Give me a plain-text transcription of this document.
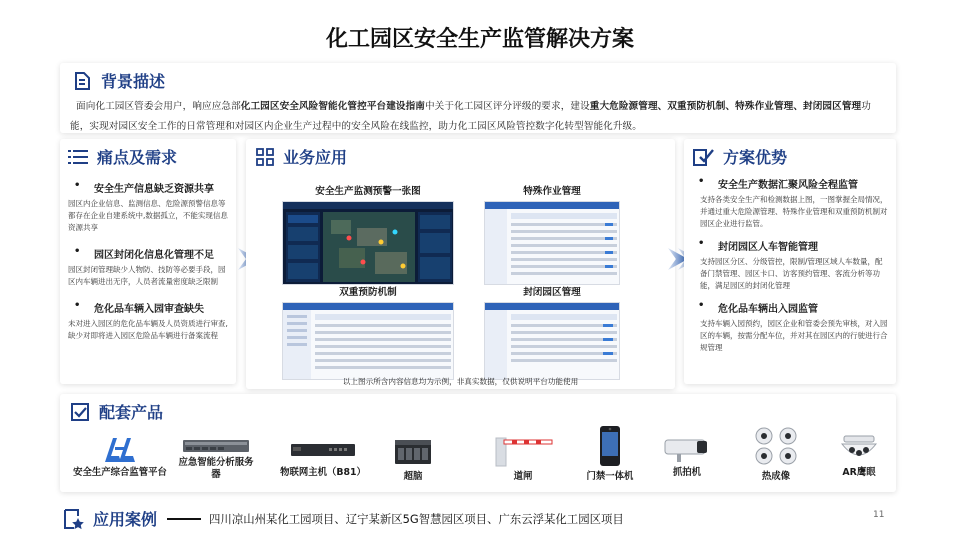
化工园区安全生产监管解决方案
背景描述

面向化工园区管委会用户，响应应急部化工园区安全风险智能化管控平台建设指南中关于化工园区评分评级的要求，建设重大危险源管理、双重预防机制、特殊作业管理、封闭园区管理功能，实现对园区安全工作的日常管理和对园区内企业生产过程中的安全风险在线监控，助力化工园区风险管控数字化转型智能化升级。

痛点及需求
•	安全生产信息缺乏资源共享

园区内企业信息、监测信息、危险源预警信息等都存在企业自建系统中,数据孤立，不能实现信息资源共享

•	园区封闭化信息化管理不足

园区封闭管理缺少人物防、技防等必要手段，园区内车辆进出无序，人员者流量密度缺乏限制

•	危化品车辆入园审查缺失

未对进入园区的危化品车辆及人员资质进行审查,缺少对即将进入园区危险品车辆进行备案流程

业务应用
安全生产监测预警一张图	特殊作业管理
双重预防机制	封闭园区管理
以上图示所含内容信息均为示例，非真实数据，仅供说明平台功能使用
方案优势
•	安全生产数据汇聚风险全程监管

支持各类安全生产和检测数据上图，一图掌握全局情况，并通过重大危险源管理、特殊作业管理和双重预防机制对园区企业进行监管。

•	封闭园区人车智能管理

支持园区分区、分级管控，限制/管理区域人车数量，配备门禁管理、园区卡口、访客预约管理、客流分析等功能，满足园区的封闭化管理

•	危化品车辆出入园监管

支持车辆入园预约，园区企业和管委会预先审核，对入园区的车辆，按需分配车位，并对其在园区内的行驶进行合规管理

配套产品
安全生产综合监管平台
应急智能分析服务器	物联网主机（B81）	超脑	道闸	门禁一体机	抓拍机	热成像	AR鹰眼
应用案例	四川凉山州某化工园项目、辽宁某新区5G智慧园区项目、广东云浮某化工园区项目	11
